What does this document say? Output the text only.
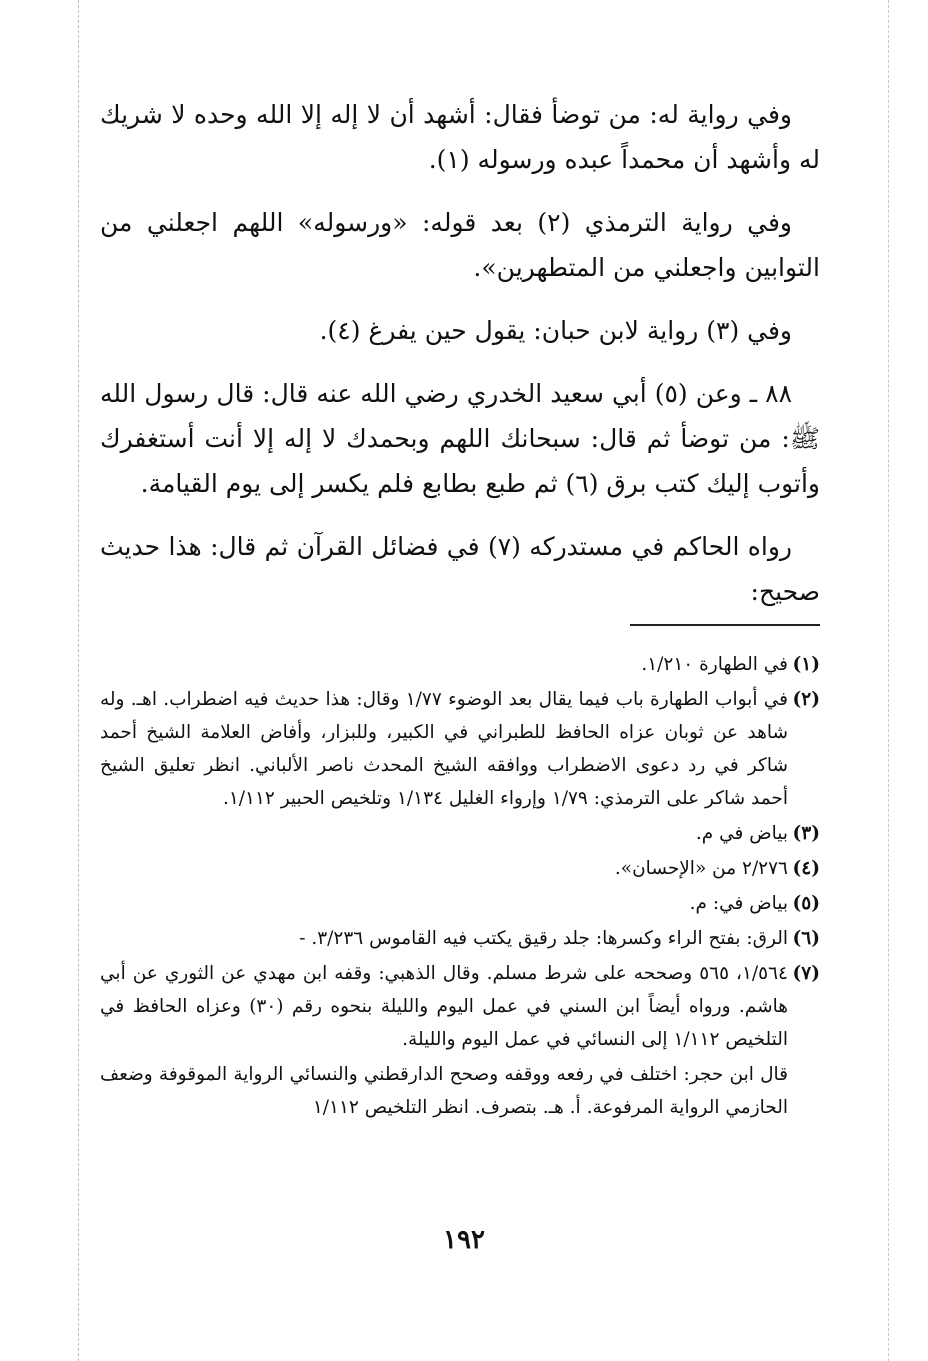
وفي رواية له: من توضأ فقال: أشهد أن لا إله إلا الله وحده لا شريك له وأشهد أن محمداً عبده ورسوله (١).

وفي رواية الترمذي (٢) بعد قوله: «ورسوله» اللهم اجعلني من التوابين واجعلني من المتطهرين».

وفي (٣) رواية لابن حبان: يقول حين يفرغ (٤).

٨٨ ـ وعن (٥) أبي سعيد الخدري رضي الله عنه قال: قال رسول الله ﷺ: من توضأ ثم قال: سبحانك اللهم وبحمدك لا إله إلا أنت أستغفرك وأتوب إليك كتب برق (٦) ثم طبع بطابع فلم يكسر إلى يوم القيامة.

رواه الحاكم في مستدركه (٧) في فضائل القرآن ثم قال: هذا حديث صحيح:

(١)
في الطهارة ١/٢١٠.
(٢)
في أبواب الطهارة باب فيما يقال بعد الوضوء ١/٧٧ وقال: هذا حديث فيه اضطراب. اهـ. وله شاهد عن ثوبان عزاه الحافظ للطبراني في الكبير، وللبزار، وأفاض العلامة الشيخ أحمد شاكر في رد دعوى الاضطراب ووافقه الشيخ المحدث ناصر الألباني. انظر تعليق الشيخ أحمد شاكر على الترمذي: ١/٧٩ وإرواء الغليل ١/١٣٤ وتلخيص الحبير ١/١١٢.
(٣)
بياض في م.
(٤)
٢/٢٧٦ من «الإحسان».
(٥)
بياض في: م.
(٦)
الرق: بفتح الراء وكسرها: جلد رقيق يكتب فيه القاموس ٣/٢٣٦. -
(٧)
١/٥٦٤، ٥٦٥ وصححه على شرط مسلم. وقال الذهبي: وقفه ابن مهدي عن الثوري عن أبي هاشم. ورواه أيضاً ابن السني في عمل اليوم والليلة بنحوه رقم (٣٠) وعزاه الحافظ في التلخيص ١/١١٢ إلى النسائي في عمل اليوم والليلة.
قال ابن حجر: اختلف في رفعه ووقفه وصحح الدارقطني والنسائي الرواية الموقوفة وضعف الحازمي الرواية المرفوعة. أ. هـ. بتصرف. انظر التلخيص ١/١١٢
١٩٢
